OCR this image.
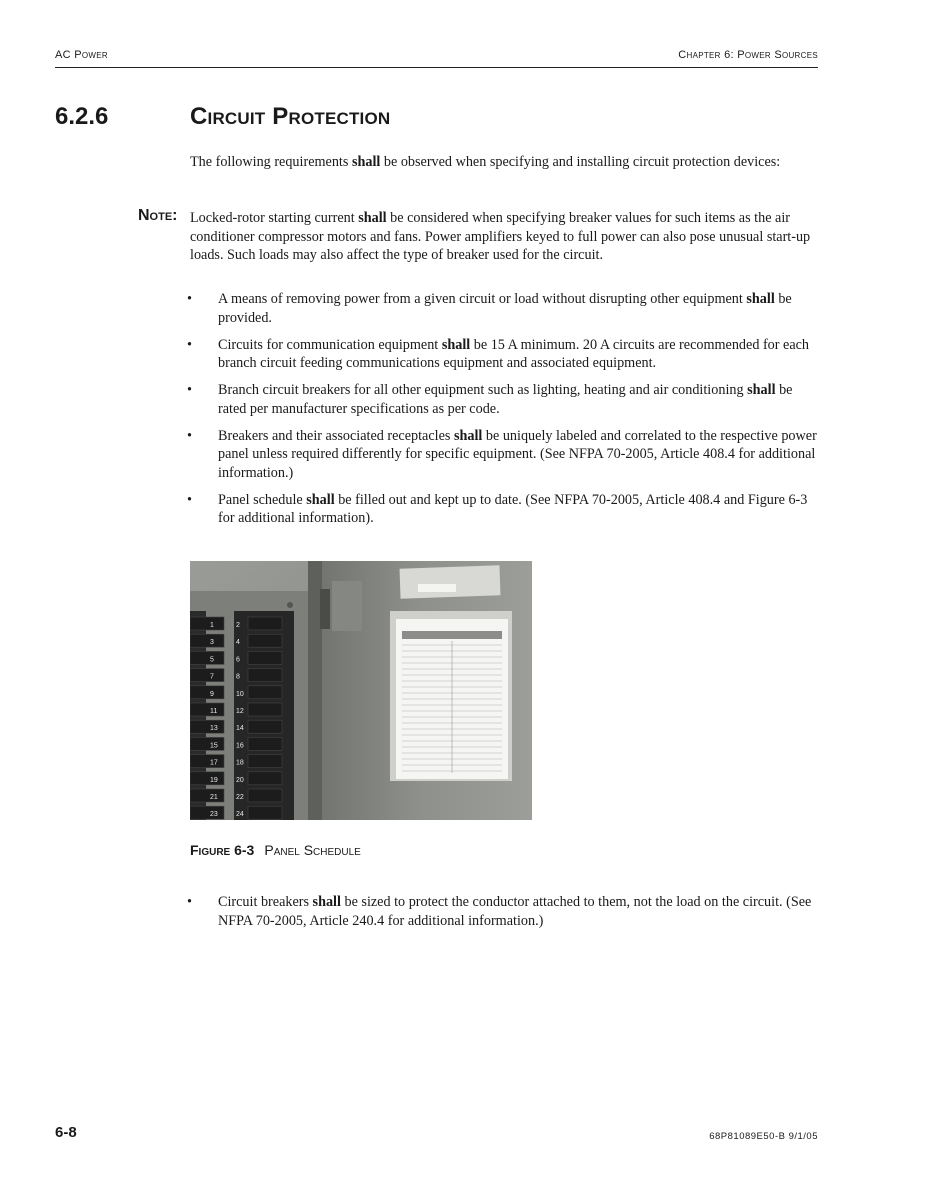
AC Power	Chapter 6: Power Sources
6.2.6	Circuit Protection
The following requirements shall be observed when specifying and installing circuit protection devices:
Note: Locked-rotor starting current shall be considered when specifying breaker values for such items as the air conditioner compressor motors and fans. Power amplifiers keyed to full power can also pose unusual start-up loads. Such loads may also affect the type of breaker used for the circuit.
• A means of removing power from a given circuit or load without disrupting other equipment shall be provided.
• Circuits for communication equipment shall be 15 A minimum. 20 A circuits are recommended for each branch circuit feeding communications equipment and associated equipment.
• Branch circuit breakers for all other equipment such as lighting, heating and air conditioning shall be rated per manufacturer specifications as per code.
• Breakers and their associated receptacles shall be uniquely labeled and correlated to the respective power panel unless required differently for specific equipment. (See NFPA 70-2005, Article 408.4 for additional information.)
• Panel schedule shall be filled out and kept up to date. (See NFPA 70-2005, Article 408.4 and Figure 6-3 for additional information).
1
3
5
7
9
11
13
15
17
19
21
23
2
4
6
8
10
12
14
16
18
20
22
24
Figure 6-3 Panel Schedule
• Circuit breakers shall be sized to protect the conductor attached to them, not the load on the circuit. (See NFPA 70-2005, Article 240.4 for additional information.)
6-8	68P81089E50-B 9/1/05
